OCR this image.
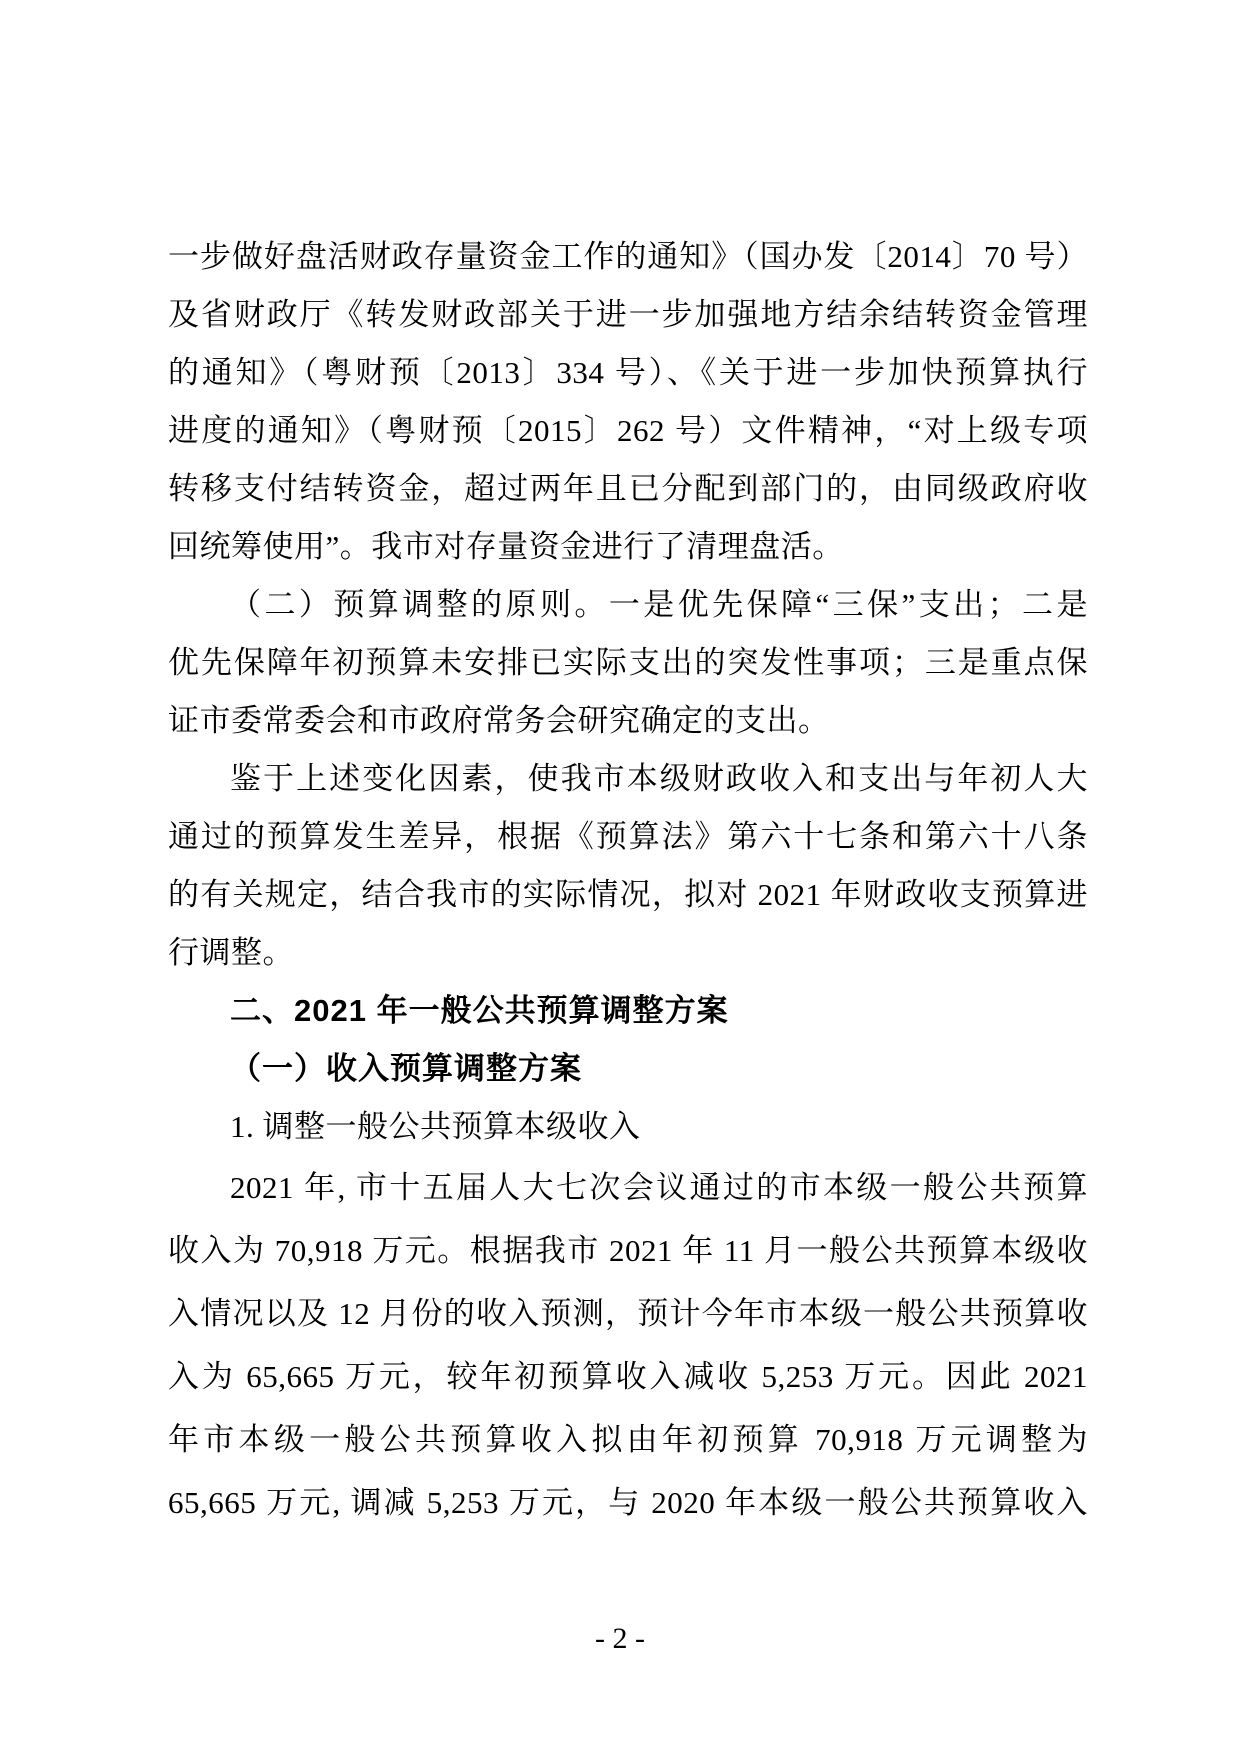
一步做好盘活财政存量资金工作的通知》（国办发〔2014〕70 号）
及省财政厅《转发财政部关于进一步加强地方结余结转资金管理
的通知》（粤财预〔2013〕334 号）、《关于进一步加快预算执行
进度的通知》（粤财预〔2015〕262 号）文件精神，“对上级专项
转移支付结转资金，超过两年且已分配到部门的，由同级政府收
回统筹使用”。我市对存量资金进行了清理盘活。
（二）预算调整的原则。一是优先保障“三保”支出；二是
优先保障年初预算未安排已实际支出的突发性事项；三是重点保
证市委常委会和市政府常务会研究确定的支出。
鉴于上述变化因素，使我市本级财政收入和支出与年初人大
通过的预算发生差异，根据《预算法》第六十七条和第六十八条
的有关规定，结合我市的实际情况，拟对 2021 年财政收支预算进
行调整。
二、2021 年一般公共预算调整方案
（一）收入预算调整方案
1. 调整一般公共预算本级收入
2021 年, 市十五届人大七次会议通过的市本级一般公共预算
收入为 70,918 万元。根据我市 2021 年 11 月一般公共预算本级收
入情况以及 12 月份的收入预测，预计今年市本级一般公共预算收
入为 65,665 万元，较年初预算收入减收 5,253 万元。因此 2021
年市本级一般公共预算收入拟由年初预算 70,918 万元调整为
65,665 万元, 调减 5,253 万元，与 2020 年本级一般公共预算收入
- 2 -
